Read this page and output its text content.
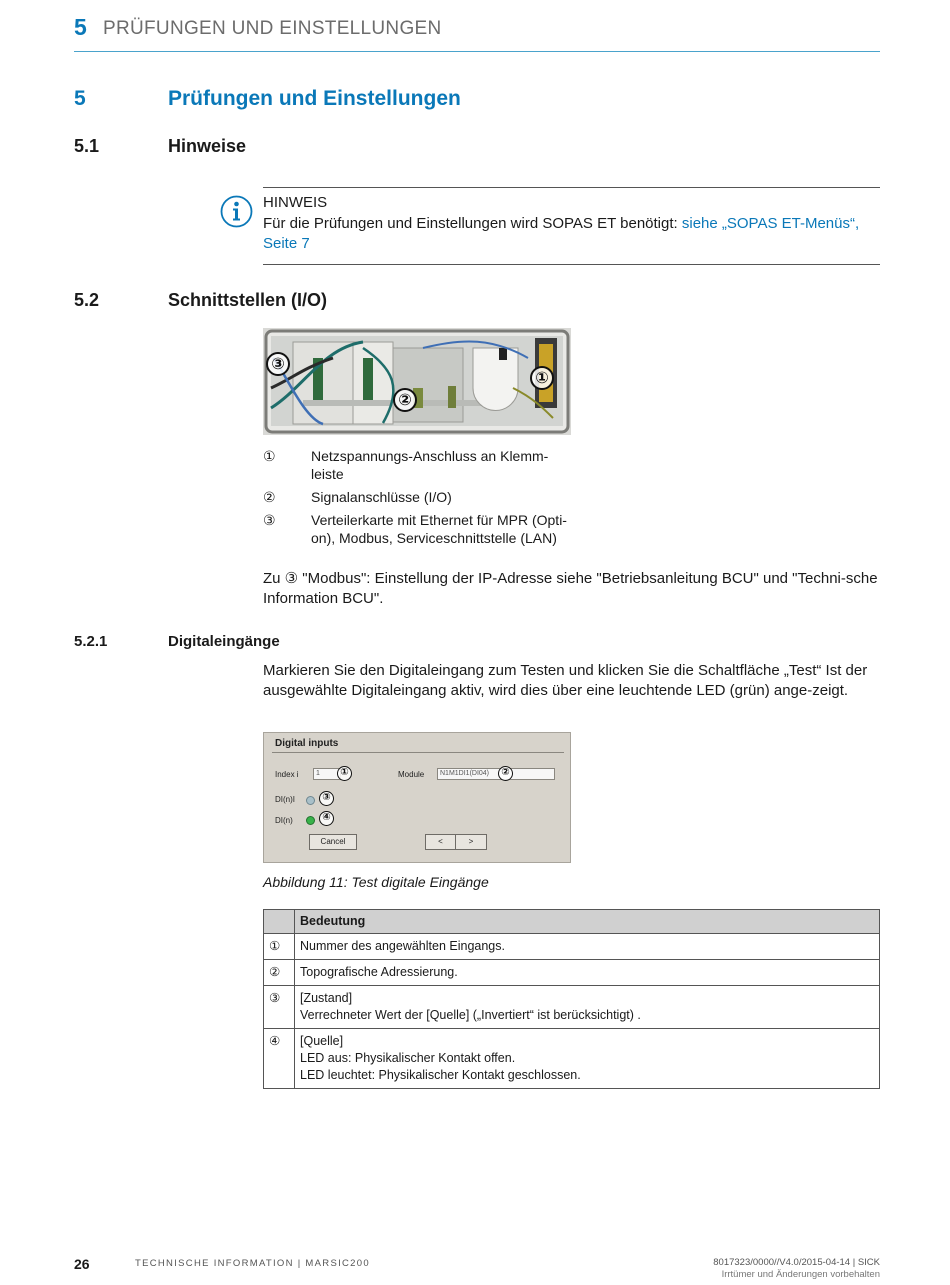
5 PRÜFUNGEN UND EINSTELLUNGEN
5	Prüfungen und Einstellungen
5.1	Hinweise
HINWEIS
Für die Prüfungen und Einstellungen wird SOPAS ET benötigt: siehe „SOPAS ET-Menüs“, Seite 7
5.2	Schnittstellen (I/O)
③
②
①
①	Netzspannungs-Anschluss an Klemm-leiste
②	Signalanschlüsse (I/O)
③	Verteilerkarte mit Ethernet für MPR (Opti-on), Modbus, Serviceschnittstelle (LAN)
Zu ③ "Modbus": Einstellung der IP-Adresse siehe "Betriebsanleitung BCU" und "Techni-sche Information BCU".
5.2.1	Digitaleingänge
Markieren Sie den Digitaleingang zum Testen und klicken Sie die Schaltfläche „Test“ Ist der ausgewählte Digitaleingang aktiv, wird dies über eine leuchtende LED (grün) ange-zeigt.
Digital inputs
Index i	1	①	Module	N1M1DI1(DI04)	②
DI(n)I	③
DI(n)	④
Cancel	<	>
Abbildung 11: Test digitale Eingänge
	Bedeutung
①	Nummer des angewählten Eingangs.

②	Topografische Adressierung.

③	[Zustand]
Verrechneter Wert der [Quelle] („Invertiert“ ist berücksichtigt) .

④	[Quelle]
LED aus: Physikalischer Kontakt offen.
LED leuchtet: Physikalischer Kontakt geschlossen.
26	TECHNISCHE INFORMATION | MARSIC200	8017323/0000//V4.0/2015-04-14 | SICK
Irrtümer und Änderungen vorbehalten
